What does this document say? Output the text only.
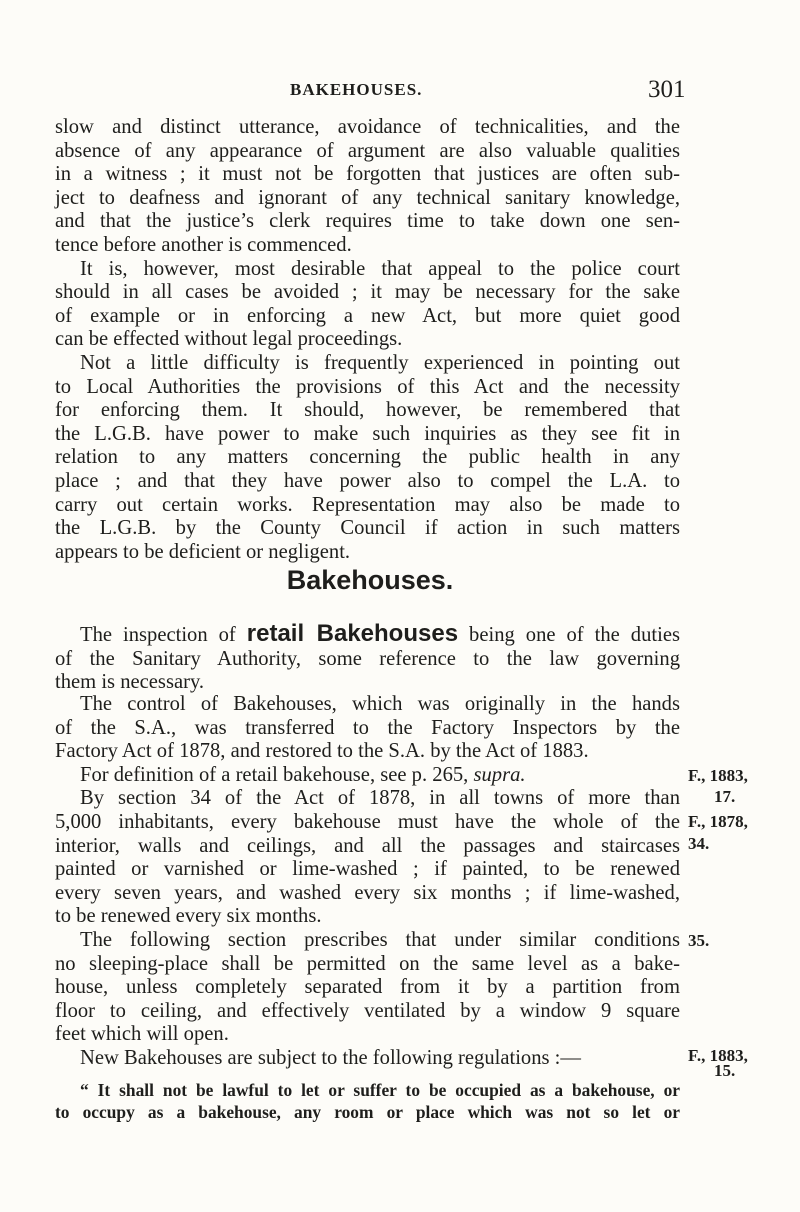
BAKEHOUSES.	301
slow and distinct utterance, avoidance of technicalities, and the
absence of any appearance of argument are also valuable qualities
in a witness ; it must not be forgotten that justices are often sub-
ject to deafness and ignorant of any technical sanitary knowledge,
and that the justice’s clerk requires time to take down one sen-
tence before another is commenced.
It is, however, most desirable that appeal to the police court
should in all cases be avoided ; it may be necessary for the sake
of example or in enforcing a new Act, but more quiet good
can be effected without legal proceedings.
Not a little difficulty is frequently experienced in pointing out
to Local Authorities the provisions of this Act and the necessity
for enforcing them. It should, however, be remembered that
the L.G.B. have power to make such inquiries as they see fit in
relation to any matters concerning the public health in any
place ; and that they have power also to compel the L.A. to
carry out certain works. Representation may also be made to
the L.G.B. by the County Council if action in such matters
appears to be deficient or negligent.
Bakehouses.
The inspection of retail Bakehouses being one of the duties
of the Sanitary Authority, some reference to the law governing
them is necessary.
The control of Bakehouses, which was originally in the hands
of the S.A., was transferred to the Factory Inspectors by the
Factory Act of 1878, and restored to the S.A. by the Act of 1883.
For definition of a retail bakehouse, see p. 265, supra.
By section 34 of the Act of 1878, in all towns of more than
5,000 inhabitants, every bakehouse must have the whole of the
interior, walls and ceilings, and all the passages and staircases
painted or varnished or lime-washed ; if painted, to be renewed
every seven years, and washed every six months ; if lime-washed,
to be renewed every six months.
The following section prescribes that under similar conditions
no sleeping-place shall be permitted on the same level as a bake-
house, unless completely separated from it by a partition from
floor to ceiling, and effectively ventilated by a window 9 square
feet which will open.
New Bakehouses are subject to the following regulations :—
“ It shall not be lawful to let or suffer to be occupied as a bakehouse, or
to occupy as a bakehouse, any room or place which was not so let or
F., 1883,
17.
F., 1878,
34.
35.
F., 1883,
15.
